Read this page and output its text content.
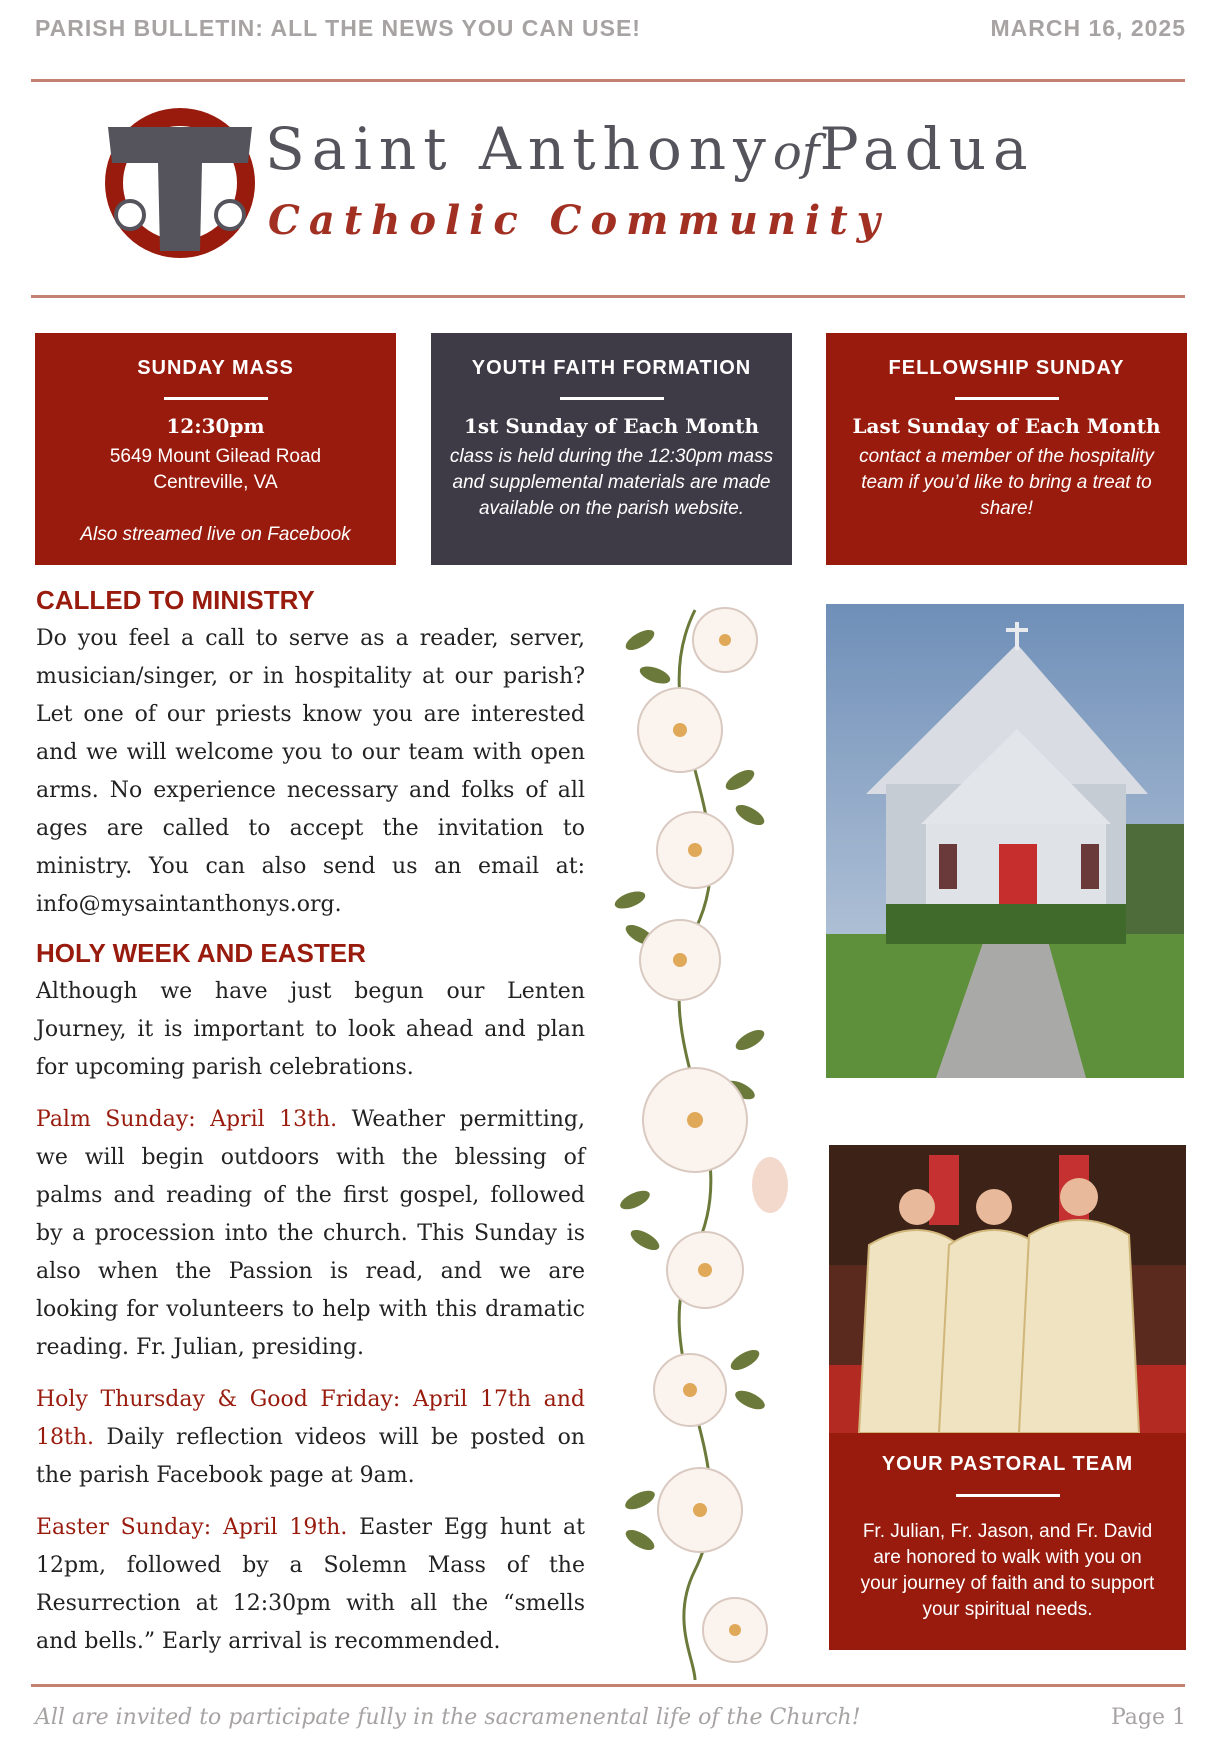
PARISH BULLETIN: ALL THE NEWS YOU CAN USE!	MARCH 16, 2025
Saint AnthonyofPadua
Catholic Community
SUNDAY MASS
12:30pm
5649 Mount Gilead Road
Centreville, VA
Also streamed live on Facebook
YOUTH FAITH FORMATION
1st Sunday of Each Month
class is held during the 12:30pm mass and supplemental materials are made available on the parish website.
FELLOWSHIP SUNDAY
Last Sunday of Each Month
contact a member of the hospitality team if you’d like to bring a treat to share!
CALLED TO MINISTRY

Do you feel a call to serve as a reader, server, musician/singer, or in hospitality at our parish? Let one of our priests know you are interested and we will welcome you to our team with open arms. No experience necessary and folks of all ages are called to accept the invitation to ministry. You can also send us an email at: info@mysaintanthonys.org.

HOLY WEEK AND EASTER

Although we have just begun our Lenten Journey, it is important to look ahead and plan for upcoming parish celebrations.

Palm Sunday: April 13th. Weather permitting, we will begin outdoors with the blessing of palms and reading of the first gospel, followed by a procession into the church. This Sunday is also when the Passion is read, and we are looking for volunteers to help with this dramatic reading. Fr. Julian, presiding.

Holy Thursday & Good Friday: April 17th and 18th. Daily reflection videos will be posted on the parish Facebook page at 9am.

Easter Sunday: April 19th. Easter Egg hunt at 12pm, followed by a Solemn Mass of the Resurrection at 12:30pm with all the “smells and bells.” Early arrival is recommended.

YOUR PASTORAL TEAM
Fr. Julian, Fr. Jason, and Fr. David are honored to walk with you on your journey of faith and to support your spiritual needs.
All are invited to participate fully in the sacramenental life of the Church!	Page 1
